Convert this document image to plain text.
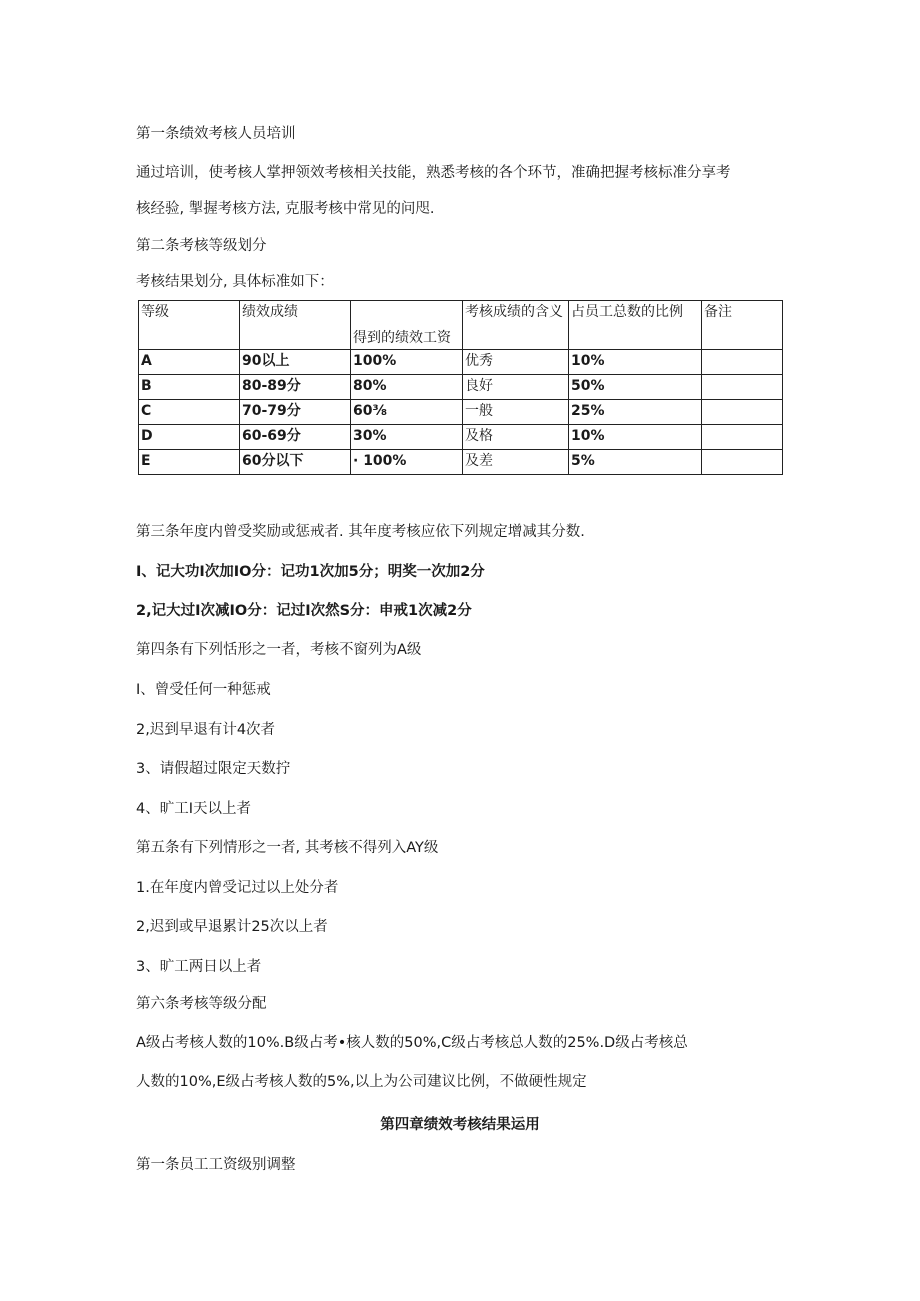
第一条绩效考核人员培训
通过培训，使考核人掌押领效考核相关技能，熟悉考核的各个环节，准确把握考核标准分享考
核经验, 掣握考核方法, 克服考核中常见的问咫.
第二条考核等级划分
考核结果划分, 具体标准如下：
等级	绩效成绩	得到的绩效工资	考核成绩的含义	占员工总数的比例	备注
A	90以上	100%	优秀	10%	
B	80-89分	80%	良好	50%	
C	70-79分	60⅜	一般	25%	
D	60-69分	30%	及格	10%	
E	60分以下	· 100%	及差	5%	
第三条年度内曾受奖励或惩戒者. 其年度考核应依下列规定增减其分数.
I、记大功I次加IO分：记功1次加5分；明奖一次加2分
2,记大过I次减IO分：记过I次然S分：申戒1次减2分
第四条有下列恬形之一者，考核不窗列为A级
I、曾受任何一种惩戒
2,迟到早退有计4次者
3、请假超过限定天数拧
4、旷工I天以上者
第五条有下列情形之一者, 其考核不得列入AY级
1.在年度内曾受记过以上处分者
2,迟到或早退累计25次以上者
3、旷工两日以上者
第六条考核等级分配
A级占考核人数的10%.B级占考•核人数的50%,C级占考核总人数的25%.D级占考核总
人数的10%,E级占考核人数的5%,以上为公司建议比例，不做硬性规定
第四章绩效考核结果运用
第一条员工工资级别调整
